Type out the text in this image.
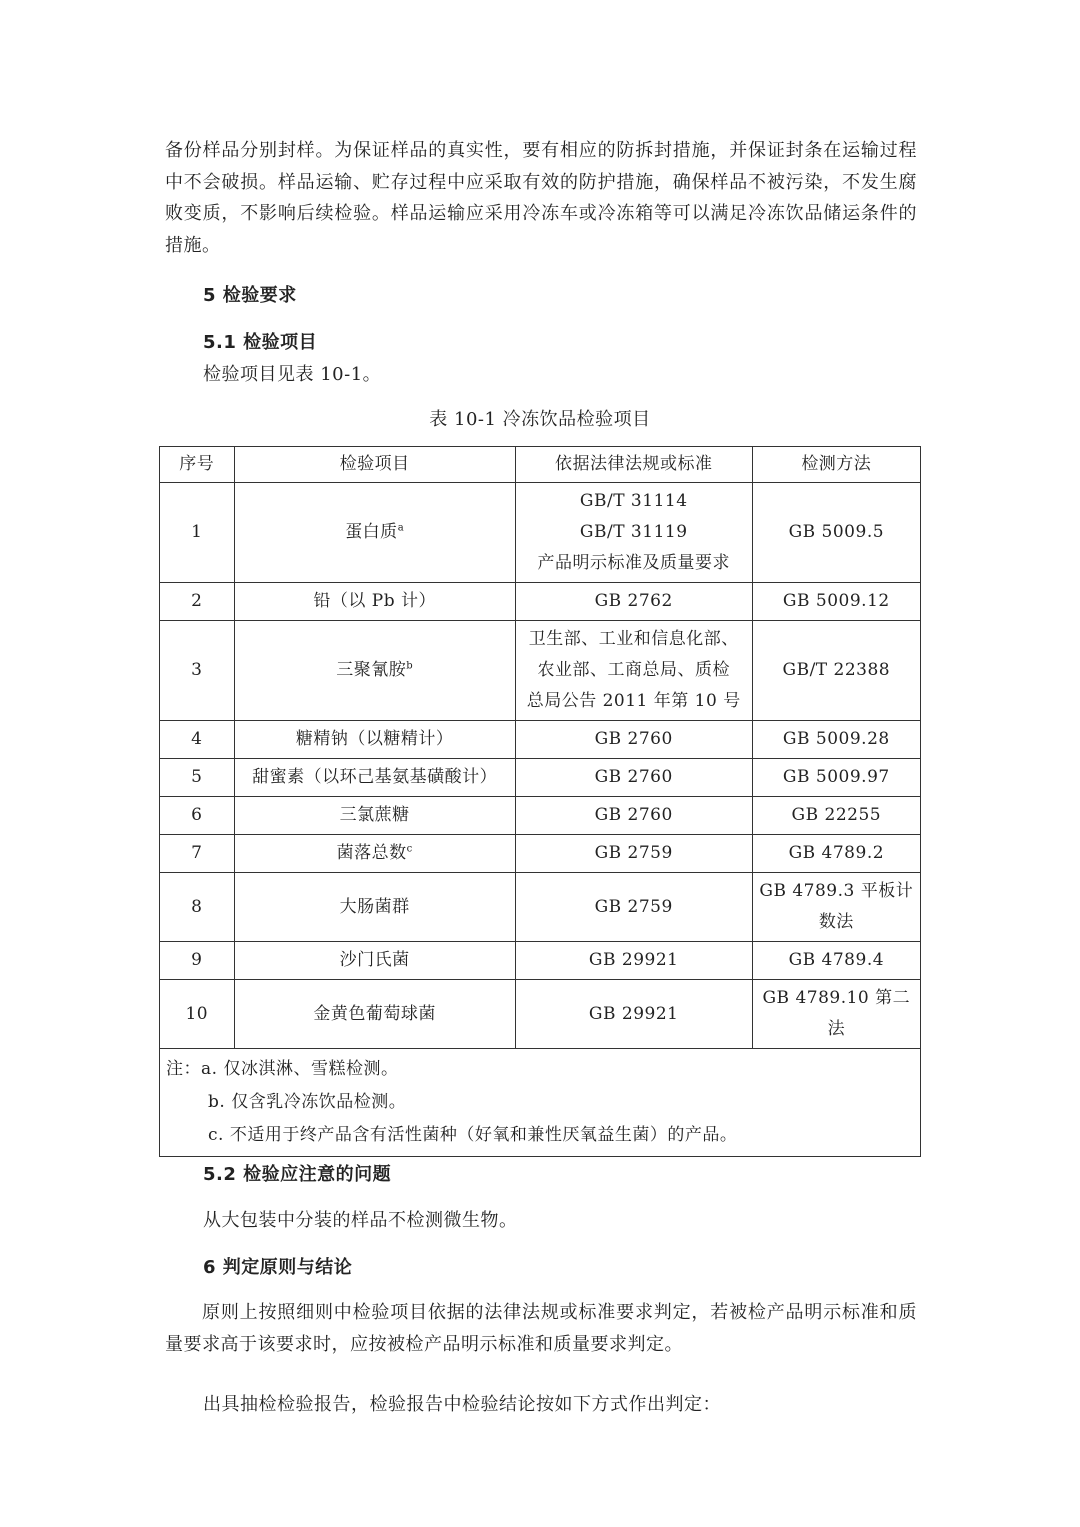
备份样品分别封样。为保证样品的真实性，要有相应的防拆封措施，并保证封条在运输过程中不会破损。样品运输、贮存过程中应采取有效的防护措施，确保样品不被污染，不发生腐败变质，不影响后续检验。样品运输应采用冷冻车或冷冻箱等可以满足冷冻饮品储运条件的措施。
5 检验要求
5.1 检验项目
检验项目见表 10-1。
表 10-1 冷冻饮品检验项目
序号	检验项目	依据法律法规或标准	检测方法
1	蛋白质$^a$	GB/T 31114
GB/T 31119
产品明示标准及质量要求	GB 5009.5

2	铅（以 Pb 计）	GB 2762	GB 5009.12

3	三聚氰胺$^b$	卫生部、工业和信息化部、
农业部、工商总局、质检
总局公告 2011 年第 10 号	GB/T 22388

4	糖精钠（以糖精计）	GB 2760	GB 5009.28

5	甜蜜素（以环己基氨基磺酸计）	GB 2760	GB 5009.97

6	三氯蔗糖	GB 2760	GB 22255

7	菌落总数$^c$	GB 2759	GB 4789.2

8	大肠菌群	GB 2759	GB 4789.3 平板计
数法

9	沙门氏菌	GB 29921	GB 4789.4

10	金黄色葡萄球菌	GB 29921	GB 4789.10 第二
法

注：a. 仅冰淇淋、雪糕检测。
b. 仅含乳冷冻饮品检测。
c. 不适用于终产品含有活性菌种（好氧和兼性厌氧益生菌）的产品。			
5.2 检验应注意的问题
从大包装中分装的样品不检测微生物。
6 判定原则与结论
原则上按照细则中检验项目依据的法律法规或标准要求判定，若被检产品明示标准和质量要求高于该要求时，应按被检产品明示标准和质量要求判定。
出具抽检检验报告，检验报告中检验结论按如下方式作出判定：
